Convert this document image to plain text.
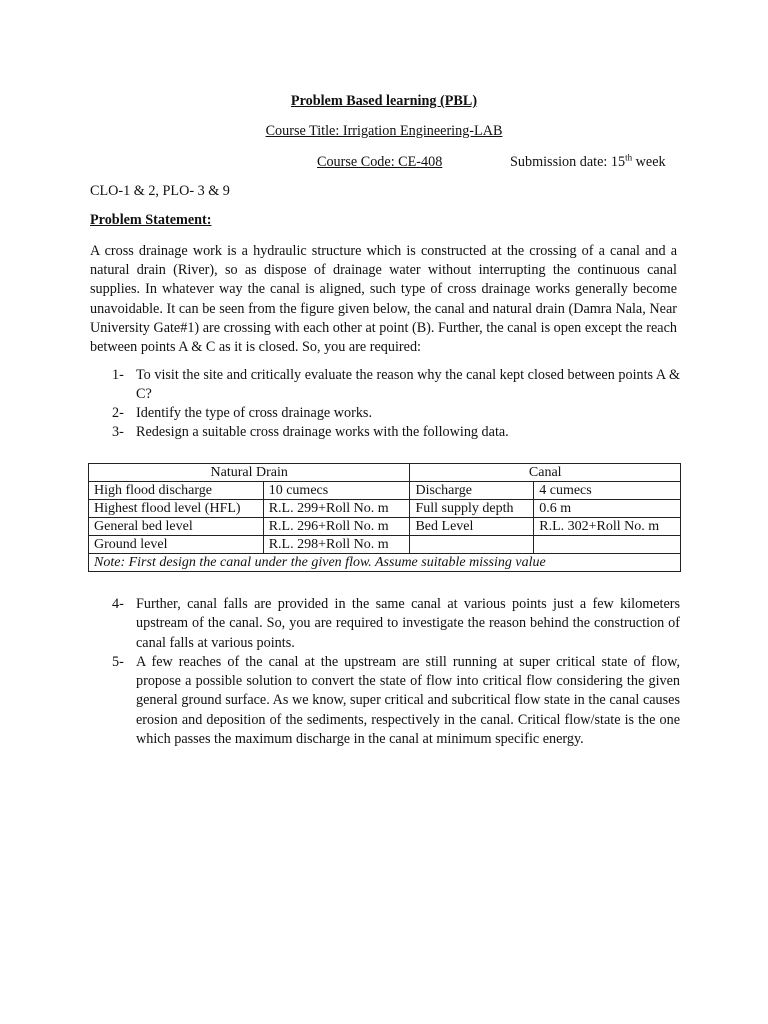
Problem Based learning (PBL)
Course Title: Irrigation Engineering-LAB
Course Code: CE-408	Submission date: 15th week
CLO-1 & 2, PLO- 3 & 9
Problem Statement:
A cross drainage work is a hydraulic structure which is constructed at the crossing of a canal and a natural drain (River), so as dispose of drainage water without interrupting the continuous canal supplies. In whatever way the canal is aligned, such type of cross drainage works generally become unavoidable. It can be seen from the figure given below, the canal and natural drain (Damra Nala, Near University Gate#1) are crossing with each other at point (B). Further, the canal is open except the reach between points A & C as it is closed. So, you are required:
1- To visit the site and critically evaluate the reason why the canal kept closed between points A & C?
2- Identify the type of cross drainage works.
3- Redesign a suitable cross drainage works with the following data.
Natural Drain		Canal	
High flood discharge	10 cumecs	Discharge	4 cumecs
Highest flood level (HFL)	R.L. 299+Roll No. m	Full supply depth	0.6 m
General bed level	R.L. 296+Roll No. m	Bed Level	R.L. 302+Roll No. m
Ground level	R.L. 298+Roll No. m		
Note: First design the canal under the given flow. Assume suitable missing value			
4- Further, canal falls are provided in the same canal at various points just a few kilometers upstream of the canal. So, you are required to investigate the reason behind the construction of canal falls at various points.
5- A few reaches of the canal at the upstream are still running at super critical state of flow, propose a possible solution to convert the state of flow into critical flow considering the given general ground surface. As we know, super critical and subcritical flow state in the canal causes erosion and deposition of the sediments, respectively in the canal. Critical flow/state is the one which passes the maximum discharge in the canal at minimum specific energy.
